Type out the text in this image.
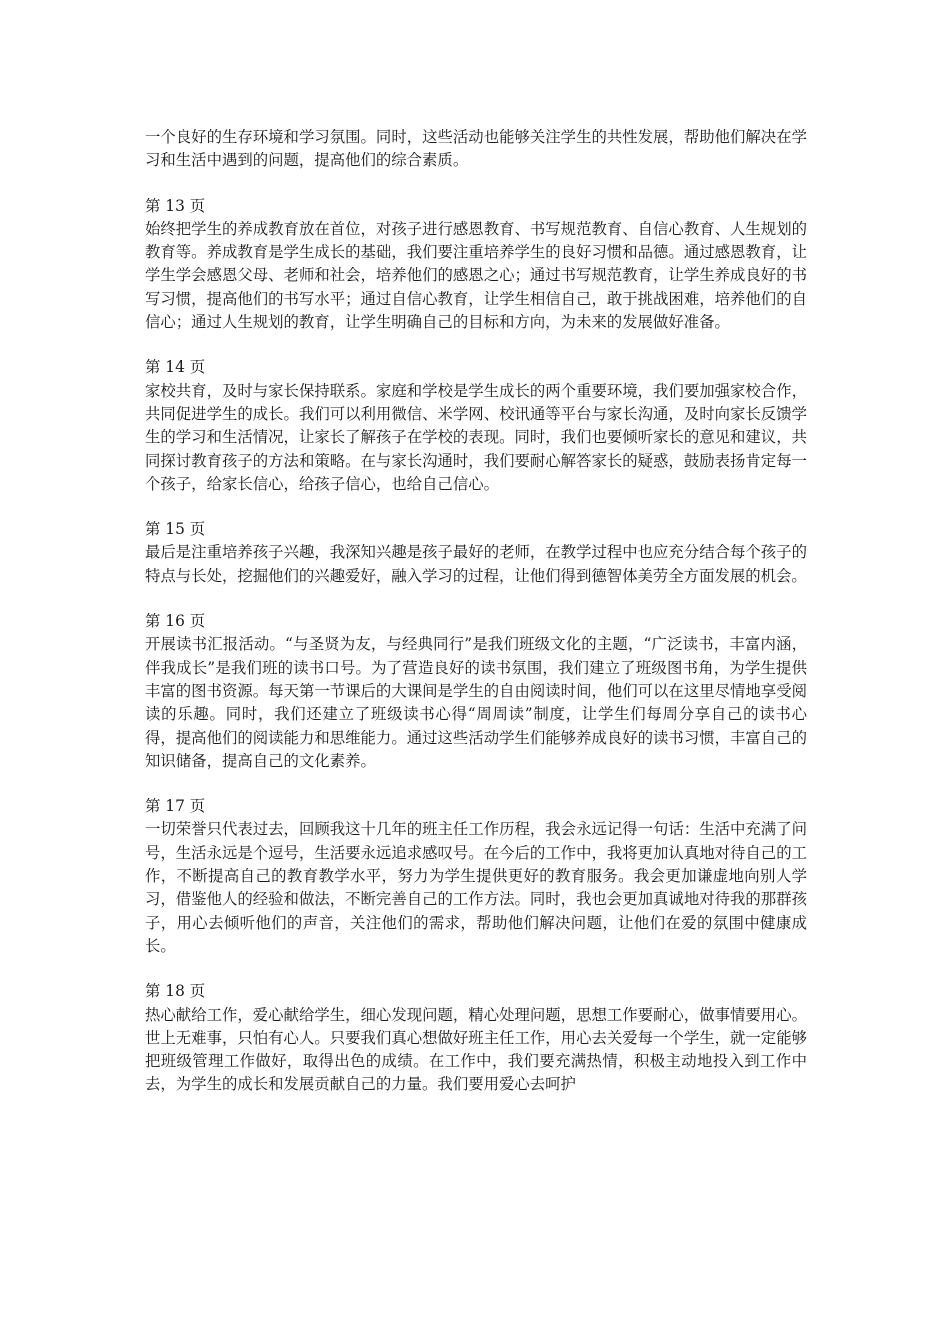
一个良好的生存环境和学习氛围。同时，这些活动也能够关注学生的共性发展，帮助他们解决在学习和生活中遇到的问题，提高他们的综合素质。

第 13 页

始终把学生的养成教育放在首位，对孩子进行感恩教育、书写规范教育、自信心教育、人生规划的教育等。养成教育是学生成长的基础，我们要注重培养学生的良好习惯和品德。通过感恩教育，让学生学会感恩父母、老师和社会，培养他们的感恩之心；通过书写规范教育，让学生养成良好的书写习惯，提高他们的书写水平；通过自信心教育，让学生相信自己，敢于挑战困难，培养他们的自信心；通过人生规划的教育，让学生明确自己的目标和方向，为未来的发展做好准备。

第 14 页

家校共育，及时与家长保持联系。家庭和学校是学生成长的两个重要环境，我们要加强家校合作，共同促进学生的成长。我们可以利用微信、米学网、校讯通等平台与家长沟通，及时向家长反馈学生的学习和生活情况，让家长了解孩子在学校的表现。同时，我们也要倾听家长的意见和建议，共同探讨教育孩子的方法和策略。在与家长沟通时，我们要耐心解答家长的疑惑，鼓励表扬肯定每一个孩子，给家长信心，给孩子信心，也给自己信心。

第 15 页

最后是注重培养孩子兴趣，我深知兴趣是孩子最好的老师，在教学过程中也应充分结合每个孩子的特点与长处，挖掘他们的兴趣爱好，融入学习的过程，让他们得到德智体美劳全方面发展的机会。

第 16 页

开展读书汇报活动。“与圣贤为友，与经典同行”是我们班级文化的主题，“广泛读书，丰富内涵，伴我成长”是我们班的读书口号。为了营造良好的读书氛围，我们建立了班级图书角，为学生提供丰富的图书资源。每天第一节课后的大课间是学生的自由阅读时间，他们可以在这里尽情地享受阅读的乐趣。同时，我们还建立了班级读书心得“周周读”制度，让学生们每周分享自己的读书心得，提高他们的阅读能力和思维能力。通过这些活动学生们能够养成良好的读书习惯，丰富自己的知识储备，提高自己的文化素养。

第 17 页

一切荣誉只代表过去，回顾我这十几年的班主任工作历程，我会永远记得一句话：生活中充满了问号，生活永远是个逗号，生活要永远追求感叹号。在今后的工作中，我将更加认真地对待自己的工作，不断提高自己的教育教学水平，努力为学生提供更好的教育服务。我会更加谦虚地向别人学习，借鉴他人的经验和做法，不断完善自己的工作方法。同时，我也会更加真诚地对待我的那群孩子，用心去倾听他们的声音，关注他们的需求，帮助他们解决问题，让他们在爱的氛围中健康成长。

第 18 页

热心献给工作，爱心献给学生，细心发现问题，精心处理问题，思想工作要耐心，做事情要用心。世上无难事，只怕有心人。只要我们真心想做好班主任工作，用心去关爱每一个学生，就一定能够把班级管理工作做好，取得出色的成绩。在工作中，我们要充满热情，积极主动地投入到工作中去，为学生的成长和发展贡献自己的力量。我们要用爱心去呵护
